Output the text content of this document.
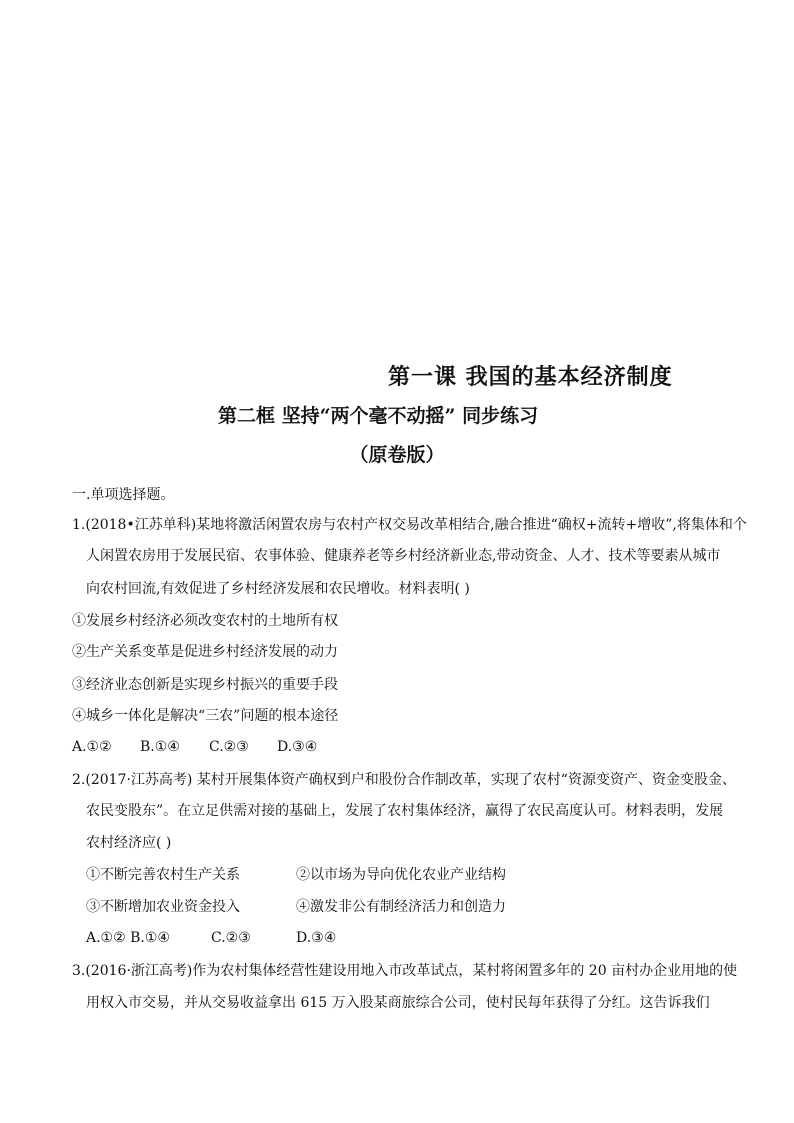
第一课 我国的基本经济制度
第二框 坚持“两个毫不动摇” 同步练习
（原卷版）
一.单项选择题。
1.(2018•江苏单科)某地将激活闲置农房与农村产权交易改革相结合,融合推进“确权+流转+增收”,将集体和个
人闲置农房用于发展民宿、农事体验、健康养老等乡村经济新业态,带动资金、人才、技术等要素从城市
向农村回流,有效促进了乡村经济发展和农民增收。材料表明( )
①发展乡村经济必须改变农村的土地所有权
②生产关系变革是促进乡村经济发展的动力
③经济业态创新是实现乡村振兴的重要手段
④城乡一体化是解决“三农”问题的根本途径
A.①② B.①④ C.②③ D.③④
2.(2017·江苏高考) 某村开展集体资产确权到户和股份合作制改革，实现了农村“资源变资产、资金变股金、
农民变股东”。在立足供需对接的基础上，发展了农村集体经济，赢得了农民高度认可。材料表明，发展
农村经济应( )
①不断完善农村生产关系	②以市场为导向优化农业产业结构
③不断增加农业资金投入	④激发非公有制经济活力和创造力
A.①② B.①④	C.②③	D.③④
3.(2016·浙江高考)作为农村集体经营性建设用地入市改革试点，某村将闲置多年的 20 亩村办企业用地的使
用权入市交易，并从交易收益拿出 615 万入股某商旅综合公司，使村民每年获得了分红。这告诉我们
